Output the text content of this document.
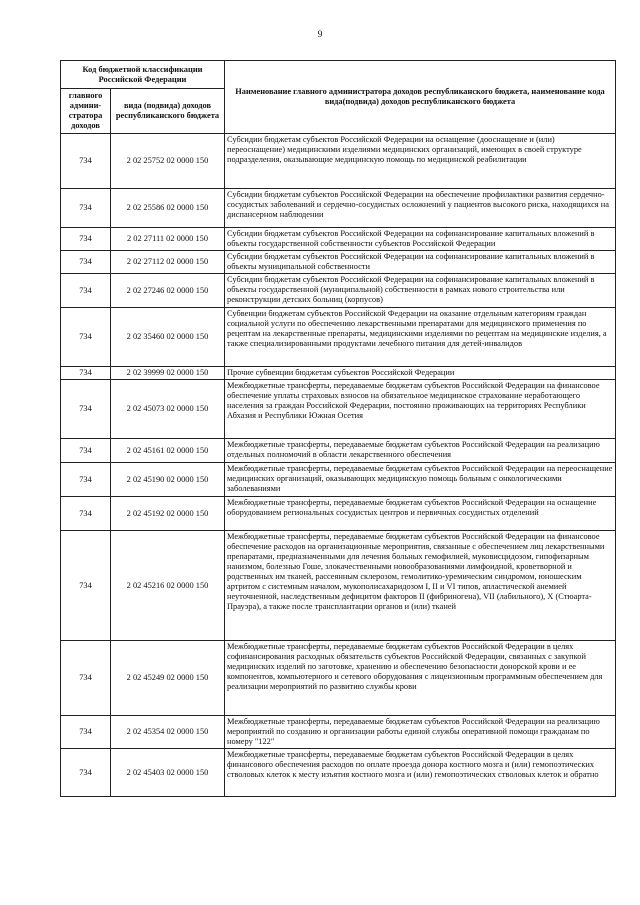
9
Код бюджетной классификации Российской Федерации		Наименование главного администратора доходов республиканского бюджета, наименование кода вида(подвида) доходов республиканского бюджета
главного админи-стратора доходов	вида (подвида) доходов республиканского бюджета	
734	2 02 25752 02 0000 150	Субсидии бюджетам субъектов Российской Федерации на оснащение (дооснащение и (или) переоснащение) медицинскими изделиями медицинских организаций, имеющих в своей структуре подразделения, оказывающие медицинскую помощь по медицинской реабилитации
734	2 02 25586 02 0000 150	Субсидии бюджетам субъектов Российской Федерации на обеспечение профилактики развития сердечно-сосудистых заболеваний и сердечно-сосудистых осложнений у пациентов высокого риска, находящихся на диспансерном наблюдении
734	2 02 27111 02 0000 150	Субсидии бюджетам субъектов Российской Федерации на софинансирование капитальных вложений в объекты государственной собственности субъектов Российской Федерации
734	2 02 27112 02 0000 150	Субсидии бюджетам субъектов Российской Федерации на софинансирование капитальных вложений в объекты муниципальной собственности
734	2 02 27246 02 0000 150	Субсидии бюджетам субъектов Российской Федерации на софинансирование капитальных вложений в объекты государственной (муниципальной) собственности в рамках нового строительства или реконструкции детских больниц (корпусов)
734	2 02 35460 02 0000 150	Субвенции бюджетам субъектов Российской Федерации на оказание отдельным категориям граждан социальной услуги по обеспечению лекарственными препаратами для медицинского применения по рецептам на лекарственные препараты, медицинскими изделиями по рецептам на медицинские изделия, а также специализированными продуктами лечебного питания для детей-инвалидов
734	2 02 39999 02 0000 150	Прочие субвенции бюджетам субъектов Российской Федерации
734	2 02 45073 02 0000 150	Межбюджетные трансферты, передаваемые бюджетам субъектов Российской Федерации на финансовое обеспечение уплаты страховых взносов на обязательное медицинское страхование неработающего населения за граждан Российской Федерации, постоянно проживающих на территориях Республики Абхазия и Республики Южная Осетия
734	2 02 45161 02 0000 150	Межбюджетные трансферты, передаваемые бюджетам субъектов Российской Федерации на реализацию отдельных полномочий в области лекарственного обеспечения
734	2 02 45190 02 0000 150	Межбюджетные трансферты, передаваемые бюджетам субъектов Российской Федерации на переоснащение медицинских организаций, оказывающих медицинскую помощь больным с онкологическими заболеваниями
734	2 02 45192 02 0000 150	Межбюджетные трансферты, передаваемые бюджетам субъектов Российской Федерации на оснащение оборудованием региональных сосудистых центров и первичных сосудистых отделений
734	2 02 45216 02 0000 150	Межбюджетные трансферты, передаваемые бюджетам субъектов Российской Федерации на финансовое обеспечение расходов на организационные мероприятия, связанные с обеспечением лиц лекарственными препаратами, предназначенными для лечения больных гемофилией, муковисцидозом, гипофизарным нанизмом, болезнью Гоше, злокачественными новообразованиями лимфоидной, кроветворной и родственных им тканей, рассеянным склерозом, гемолитико-уремическим синдромом, юношеским артритом с системным началом, мукополисахаридозом I, II и VI типов, апластической анемией неуточненной, наследственным дефицитом факторов II (фибриногена), VII (лабильного), X (Стюарта-Прауэра), а также после трансплантации органов и (или) тканей
734	2 02 45249 02 0000 150	Межбюджетные трансферты, передаваемые бюджетам субъектов Российской Федерации в целях софинансирования расходных обязательств субъектов Российской Федерации, связанных с закупкой медицинских изделий по заготовке, хранению и обеспечению безопасности донорской крови и ее компонентов, компьютерного и сетевого оборудования с лицензионным программным обеспечением для реализации мероприятий по развитию службы крови
734	2 02 45354 02 0000 150	Межбюджетные трансферты, передаваемые бюджетам субъектов Российской Федерации на реализацию мероприятий по созданию и организации работы единой службы оперативной помощи гражданам по номеру "122"
734	2 02 45403 02 0000 150	Межбюджетные трансферты, передаваемые бюджетам субъектов Российской Федерации в целях финансового обеспечения расходов по оплате проезда донора костного мозга и (или) гемопоэтических стволовых клеток к месту изъятия костного мозга и (или) гемопоэтических стволовых клеток и обратно
